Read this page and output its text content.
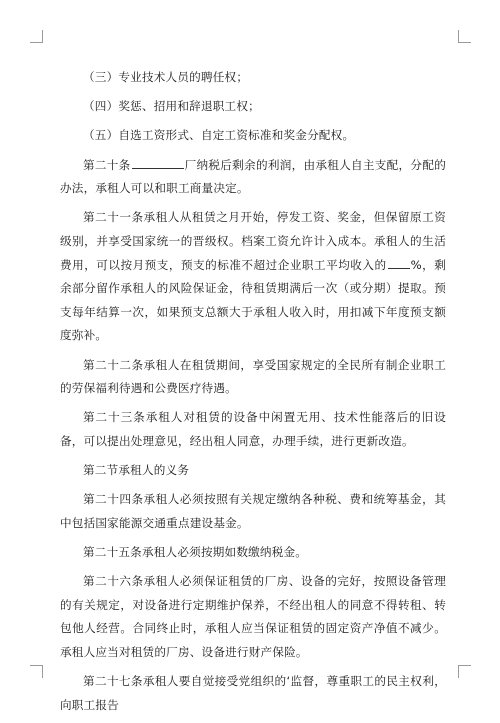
（三）专业技术人员的聘任权；

（四）奖惩、招用和辞退职工权；

（五）自选工资形式、自定工资标准和奖金分配权。

第二十条	厂纳税后剩余的利润，由承租人自主支配，分配的办法，承租人可以和职工商量决定。

第二十一条承租人从租赁之月开始，停发工资、奖金，但保留原工资级别，并享受国家统一的晋级权。档案工资允许计入成本。承租人的生活费用，可以按月预支，预支的标准不超过企业职工平均收入的 %，剩余部分留作承租人的风险保证金，待租赁期满后一次（或分期）提取。预支每年结算一次，如果预支总额大于承租人收入时，用扣减下年度预支额度弥补。

第二十二条承租人在租赁期间，享受国家规定的全民所有制企业职工的劳保福利待遇和公费医疗待遇。

第二十三条承租人对租赁的设备中闲置无用、技术性能落后的旧设备，可以提出处理意见，经出租人同意，办理手续，进行更新改造。

第二节承租人的义务

第二十四条承租人必须按照有关规定缴纳各种税、费和统筹基金，其中包括国家能源交通重点建设基金。

第二十五条承租人必须按期如数缴纳税金。

第二十六条承租人必须保证租赁的厂房、设备的完好，按照设备管理的有关规定，对设备进行定期维护保养，不经出租人的同意不得转租、转包他人经营。合同终止时，承租人应当保证租赁的固定资产净值不减少。承租人应当对租赁的厂房、设备进行财产保险。

第二十七条承租人要自觉接受党组织的‘监督，尊重职工的民主权利，向职工报告
